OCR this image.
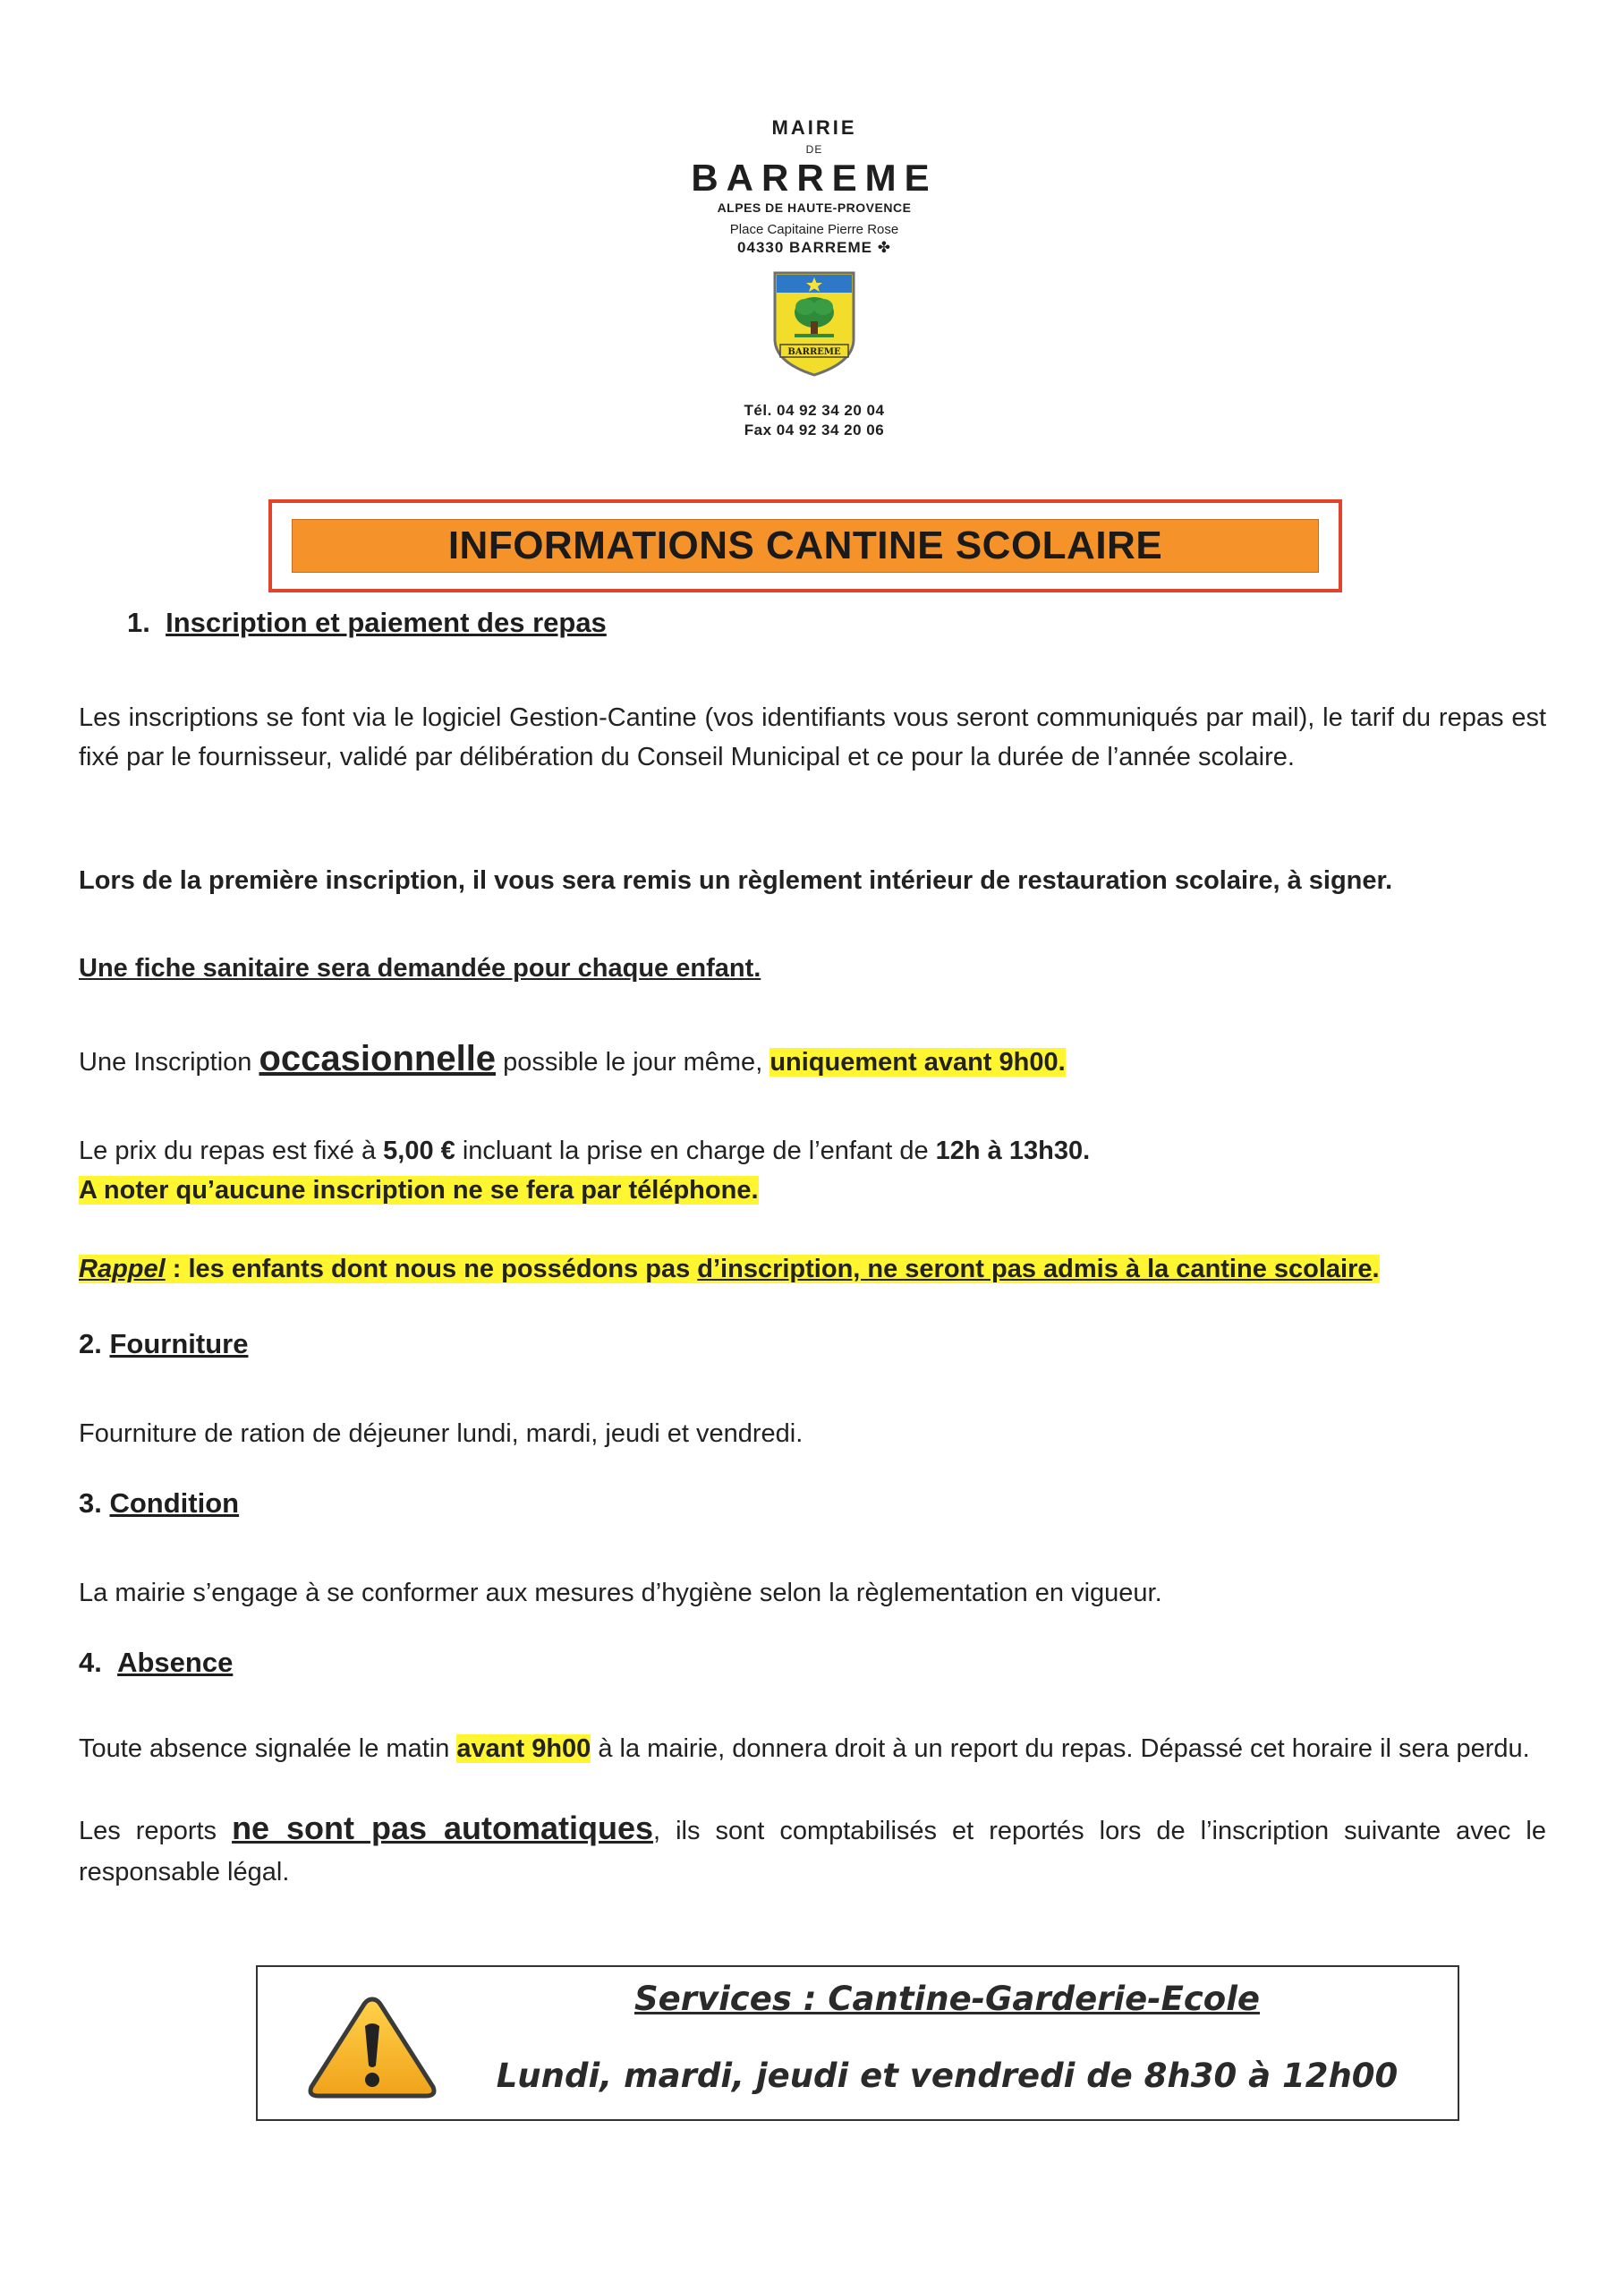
MAIRIE
DE
BARREME
ALPES DE HAUTE-PROVENCE
Place Capitaine Pierre Rose
04330 BARREME ✤
BARREME
Tél. 04 92 34 20 04
Fax 04 92 34 20 06
INFORMATIONS CANTINE SCOLAIRE
1. Inscription et paiement des repas
Les inscriptions se font via le logiciel Gestion-Cantine (vos identifiants vous seront communiqués par mail), le tarif du repas est fixé par le fournisseur, validé par délibération du Conseil Municipal et ce pour la durée de l’année scolaire.
Lors de la première inscription, il vous sera remis un règlement intérieur de restauration scolaire, à signer.
Une fiche sanitaire sera demandée pour chaque enfant.
Une Inscription occasionnelle possible le jour même, uniquement avant 9h00.
Le prix du repas est fixé à 5,00 € incluant la prise en charge de l’enfant de 12h à 13h30.
A noter qu’aucune inscription ne se fera par téléphone.
Rappel : les enfants dont nous ne possédons pas d’inscription, ne seront pas admis à la cantine scolaire.
2. Fourniture
Fourniture de ration de déjeuner lundi, mardi, jeudi et vendredi.
3. Condition
La mairie s’engage à se conformer aux mesures d’hygiène selon la règlementation en vigueur.
4. Absence
Toute absence signalée le matin avant 9h00 à la mairie, donnera droit à un report du repas. Dépassé cet horaire il sera perdu.
Les reports ne sont pas automatiques, ils sont comptabilisés et reportés lors de l’inscription suivante avec le responsable légal.
Services : Cantine-Garderie-Ecole
Lundi, mardi, jeudi et vendredi de 8h30 à 12h00
